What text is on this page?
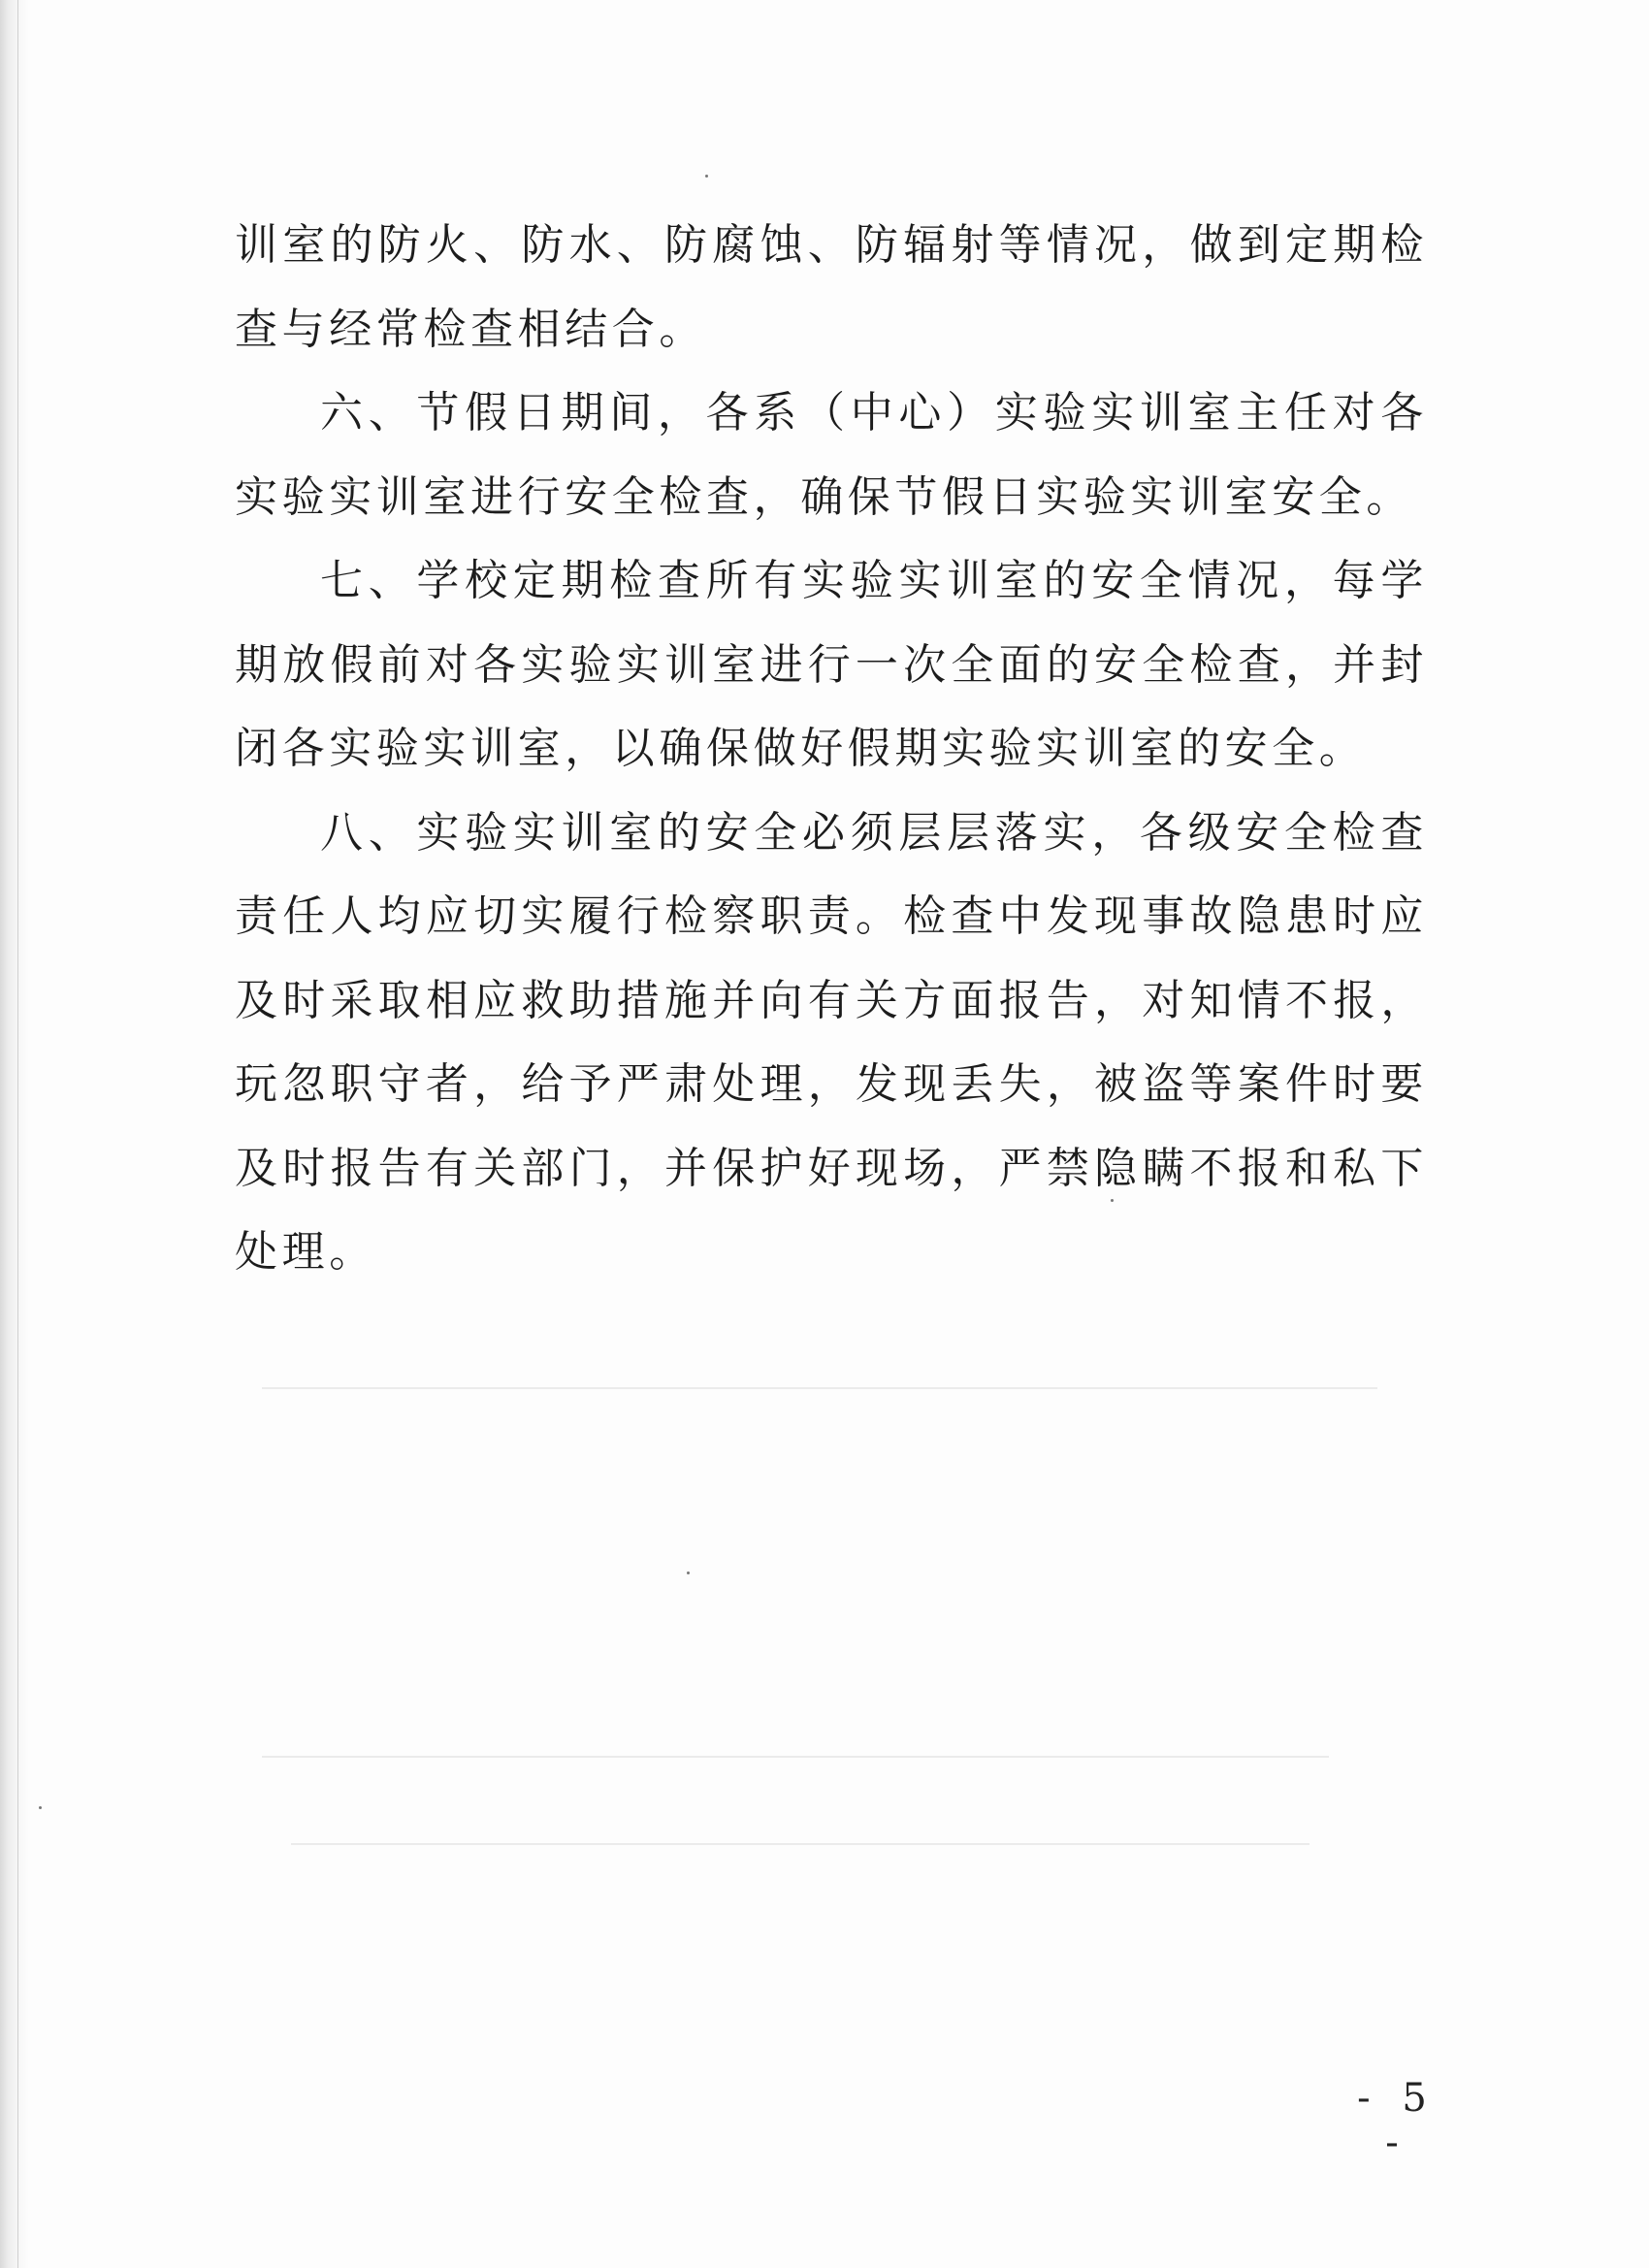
训室的防火、防水、防腐蚀、防辐射等情况，做到定期检查与经常检查相结合。

六、节假日期间，各系（中心）实验实训室主任对各实验实训室进行安全检查，确保节假日实验实训室安全。

七、学校定期检查所有实验实训室的安全情况，每学期放假前对各实验实训室进行一次全面的安全检查，并封闭各实验实训室，以确保做好假期实验实训室的安全。

八、实验实训室的安全必须层层落实，各级安全检查责任人均应切实履行检察职责。检查中发现事故隐患时应及时采取相应救助措施并向有关方面报告，对知情不报，玩忽职守者，给予严肃处理，发现丢失，被盗等案件时要及时报告有关部门，并保护好现场，严禁隐瞒不报和私下处理。

- 5 -
